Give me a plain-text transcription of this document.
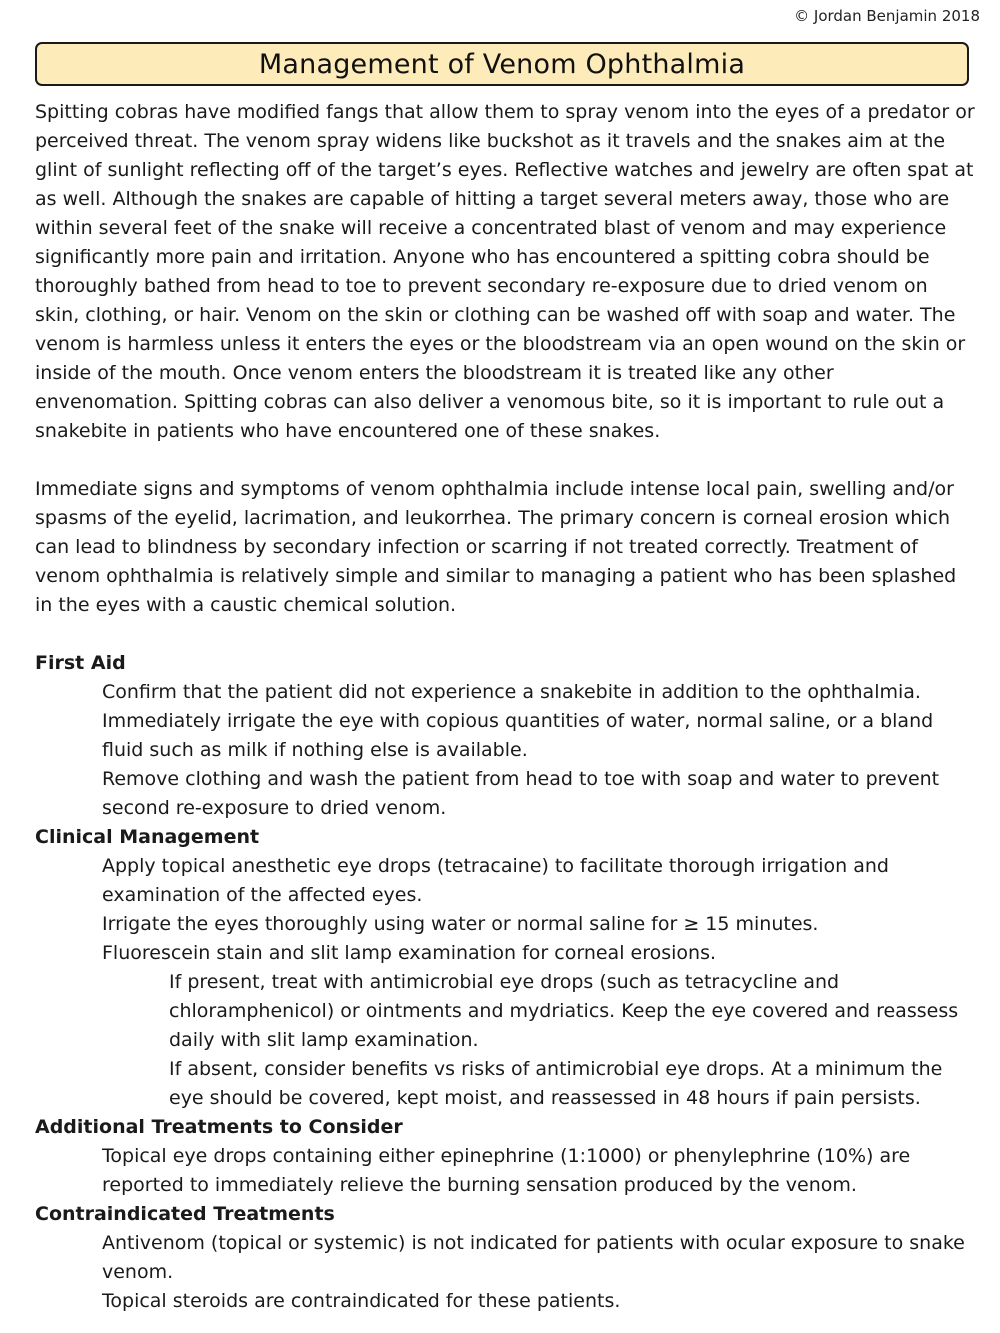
© Jordan Benjamin 2018
Management of Venom Ophthalmia

Spitting cobras have modified fangs that allow them to spray venom into the eyes of a predator or perceived threat. The venom spray widens like buckshot as it travels and the snakes aim at the glint of sunlight reflecting off of the target’s eyes. Reflective watches and jewelry are often spat at as well. Although the snakes are capable of hitting a target several meters away, those who are within several feet of the snake will receive a concentrated blast of venom and may experience significantly more pain and irritation. Anyone who has encountered a spitting cobra should be thoroughly bathed from head to toe to prevent secondary re-exposure due to dried venom on skin, clothing, or hair. Venom on the skin or clothing can be washed off with soap and water. The venom is harmless unless it enters the eyes or the bloodstream via an open wound on the skin or inside of the mouth. Once venom enters the bloodstream it is treated like any other envenomation. Spitting cobras can also deliver a venomous bite, so it is important to rule out a snakebite in patients who have encountered one of these snakes.

Immediate signs and symptoms of venom ophthalmia include intense local pain, swelling and/or spasms of the eyelid, lacrimation, and leukorrhea. The primary concern is corneal erosion which can lead to blindness by secondary infection or scarring if not treated correctly. Treatment of venom ophthalmia is relatively simple and similar to managing a patient who has been splashed in the eyes with a caustic chemical solution.

First Aid
Confirm that the patient did not experience a snakebite in addition to the ophthalmia.
Immediately irrigate the eye with copious quantities of water, normal saline, or a bland fluid such as milk if nothing else is available.
Remove clothing and wash the patient from head to toe with soap and water to prevent second re-exposure to dried venom.
Clinical Management
Apply topical anesthetic eye drops (tetracaine) to facilitate thorough irrigation and examination of the affected eyes.
Irrigate the eyes thoroughly using water or normal saline for ≥ 15 minutes.
Fluorescein stain and slit lamp examination for corneal erosions.
If present, treat with antimicrobial eye drops (such as tetracycline and chloramphenicol) or ointments and mydriatics. Keep the eye covered and reassess daily with slit lamp examination.
If absent, consider benefits vs risks of antimicrobial eye drops. At a minimum the eye should be covered, kept moist, and reassessed in 48 hours if pain persists.
Additional Treatments to Consider
Topical eye drops containing either epinephrine (1:1000) or phenylephrine (10%) are reported to immediately relieve the burning sensation produced by the venom.
Contraindicated Treatments
Antivenom (topical or systemic) is not indicated for patients with ocular exposure to snake venom.
Topical steroids are contraindicated for these patients.
